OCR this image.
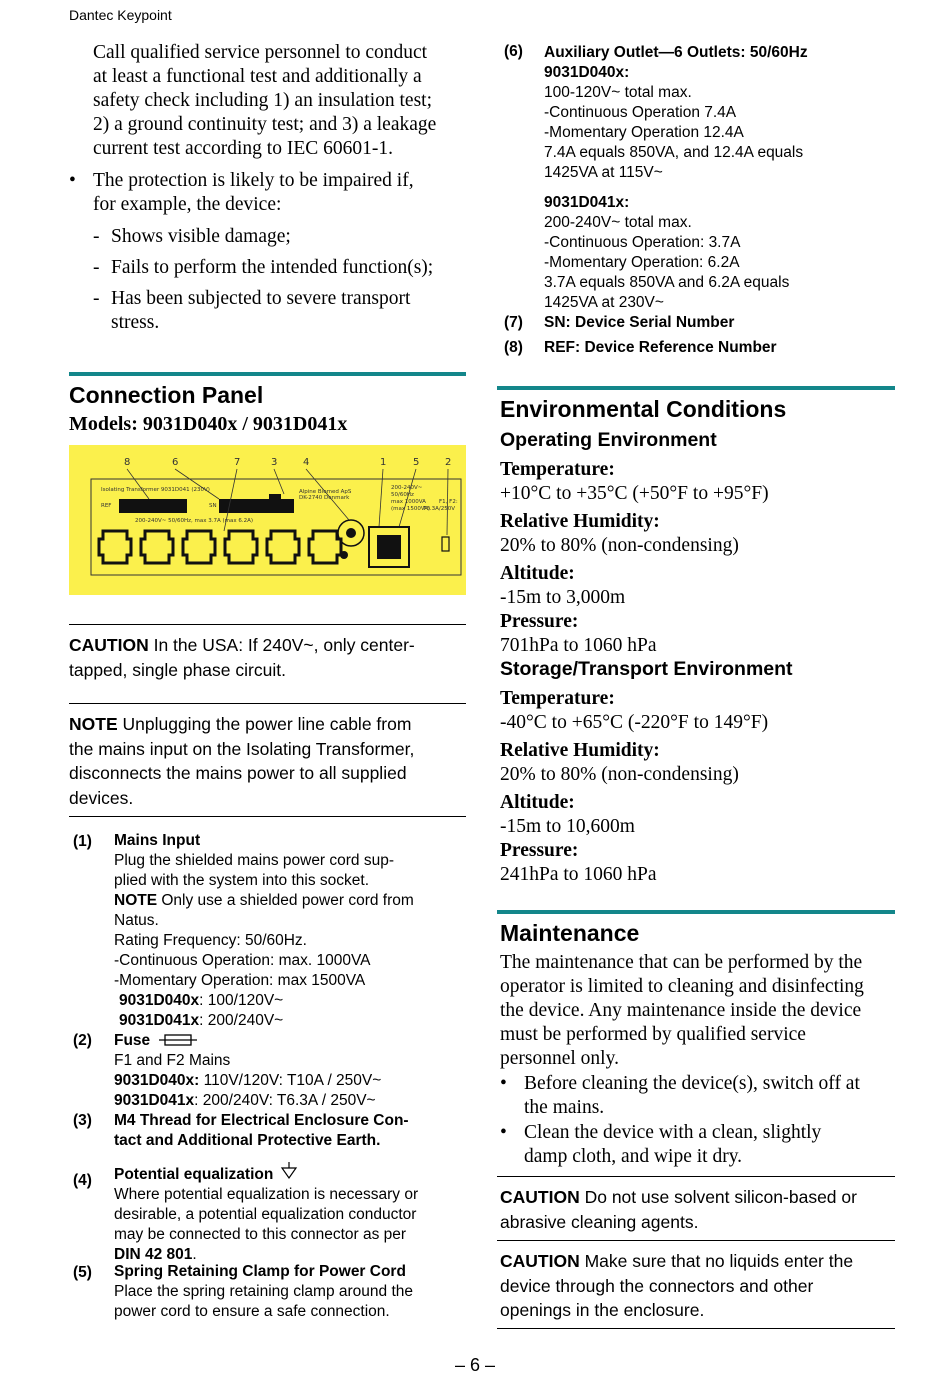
Dantec Keypoint
Call qualified service personnel to conduct
at least a functional test and additionally a
safety check including 1) an insulation test;
2) a ground continuity test; and 3) a leakage
current test according to IEC 60601-1.
• The protection is likely to be impaired if,
for example, the device:
- Shows visible damage;
- Fails to perform the intended function(s);
- Has been subjected to severe transport
stress.
Connection Panel
Models: 9031D040x / 9031D041x
8	6	7	3	4	1	5	2
Isolating Transformer 9031D041 (230V)
REF	SN
Alpine Biomed ApS
DK-2740 Denmark
200-240V~
50/60Hz
max 1000VA
(max 1500VA)
F1, F2:
T6.3A/250V
200-240V~ 50/60Hz, max 3.7A (max 6.2A)
CAUTION In the USA: If 240V~, only center-
tapped, single phase circuit.
NOTE Unplugging the power line cable from
the mains input on the Isolating Transformer,
disconnects the mains power to all supplied
devices.
(1) Mains Input
Plug the shielded mains power cord sup-
plied with the system into this socket.
NOTE Only use a shielded power cord from
Natus.
Rating Frequency: 50/60Hz.
-Continuous Operation: max. 1000VA
-Momentary Operation: max 1500VA
9031D040x: 100/120V~
9031D041x: 200/240V~
(2) Fuse
F1 and F2 Mains
9031D040x: 110V/120V: T10A / 250V~
9031D041x: 200/240V: T6.3A / 250V~
(3) M4 Thread for Electrical Enclosure Con-
tact and Additional Protective Earth.
(4) Potential equalization
Where potential equalization is necessary or
desirable, a potential equalization conductor
may be connected to this connector as per
DIN 42 801.
(5) Spring Retaining Clamp for Power Cord
Place the spring retaining clamp around the
power cord to ensure a safe connection.
(6) Auxiliary Outlet—6 Outlets: 50/60Hz
9031D040x:
100-120V~ total max.
-Continuous Operation 7.4A
-Momentary Operation 12.4A
7.4A equals 850VA, and 12.4A equals
1425VA at 115V~
9031D041x:
200-240V~ total max.
-Continuous Operation: 3.7A
-Momentary Operation: 6.2A
3.7A equals 850VA and 6.2A equals
1425VA at 230V~
(7) SN: Device Serial Number
(8) REF: Device Reference Number
Environmental Conditions
Operating Environment
Temperature:
+10°C to +35°C (+50°F to +95°F)
Relative Humidity:
20% to 80% (non-condensing)
Altitude:
-15m to 3,000m
Pressure:
701hPa to 1060 hPa
Storage/Transport Environment
Temperature:
-40°C to +65°C (-220°F to 149°F)
Relative Humidity:
20% to 80% (non-condensing)
Altitude:
-15m to 10,600m
Pressure:
241hPa to 1060 hPa
Maintenance
The maintenance that can be performed by the
operator is limited to cleaning and disinfecting
the device. Any maintenance inside the device
must be performed by qualified service
personnel only.
• Before cleaning the device(s), switch off at
the mains.
• Clean the device with a clean, slightly
damp cloth, and wipe it dry.
CAUTION Do not use solvent silicon-based or
abrasive cleaning agents.
CAUTION Make sure that no liquids enter the
device through the connectors and other
openings in the enclosure.
– 6 –
